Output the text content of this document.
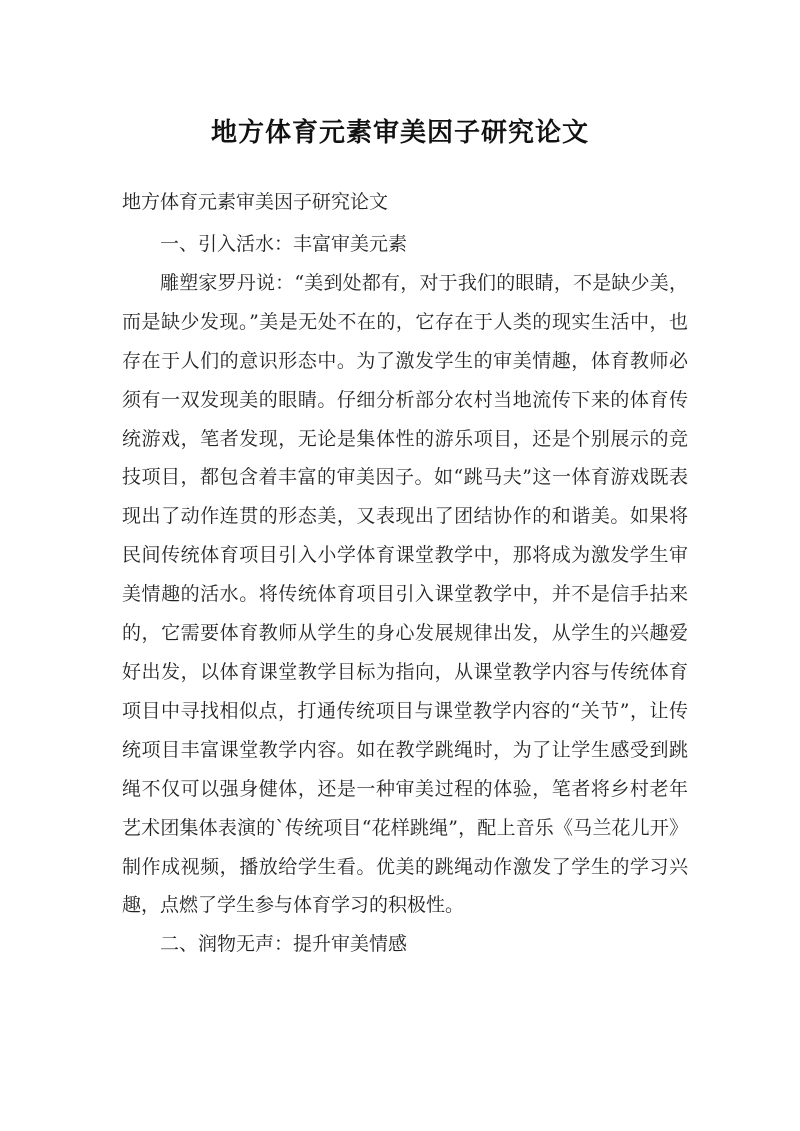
地方体育元素审美因子研究论文
地方体育元素审美因子研究论文

一、引入活水：丰富审美元素

雕塑家罗丹说：“美到处都有，对于我们的眼睛，不是缺少美，而是缺少发现。”美是无处不在的，它存在于人类的现实生活中，也存在于人们的意识形态中。为了激发学生的审美情趣，体育教师必须有一双发现美的眼睛。仔细分析部分农村当地流传下来的体育传统游戏，笔者发现，无论是集体性的游乐项目，还是个别展示的竞技项目，都包含着丰富的审美因子。如“跳马夫”这一体育游戏既表现出了动作连贯的形态美，又表现出了团结协作的和谐美。如果将民间传统体育项目引入小学体育课堂教学中，那将成为激发学生审美情趣的活水。将传统体育项目引入课堂教学中，并不是信手拈来的，它需要体育教师从学生的身心发展规律出发，从学生的兴趣爱好出发，以体育课堂教学目标为指向，从课堂教学内容与传统体育项目中寻找相似点，打通传统项目与课堂教学内容的“关节”，让传统项目丰富课堂教学内容。如在教学跳绳时，为了让学生感受到跳绳不仅可以强身健体，还是一种审美过程的体验，笔者将乡村老年艺术团集体表演的`传统项目“花样跳绳”，配上音乐《马兰花儿开》制作成视频，播放给学生看。优美的跳绳动作激发了学生的学习兴趣，点燃了学生参与体育学习的积极性。

二、润物无声：提升审美情感
